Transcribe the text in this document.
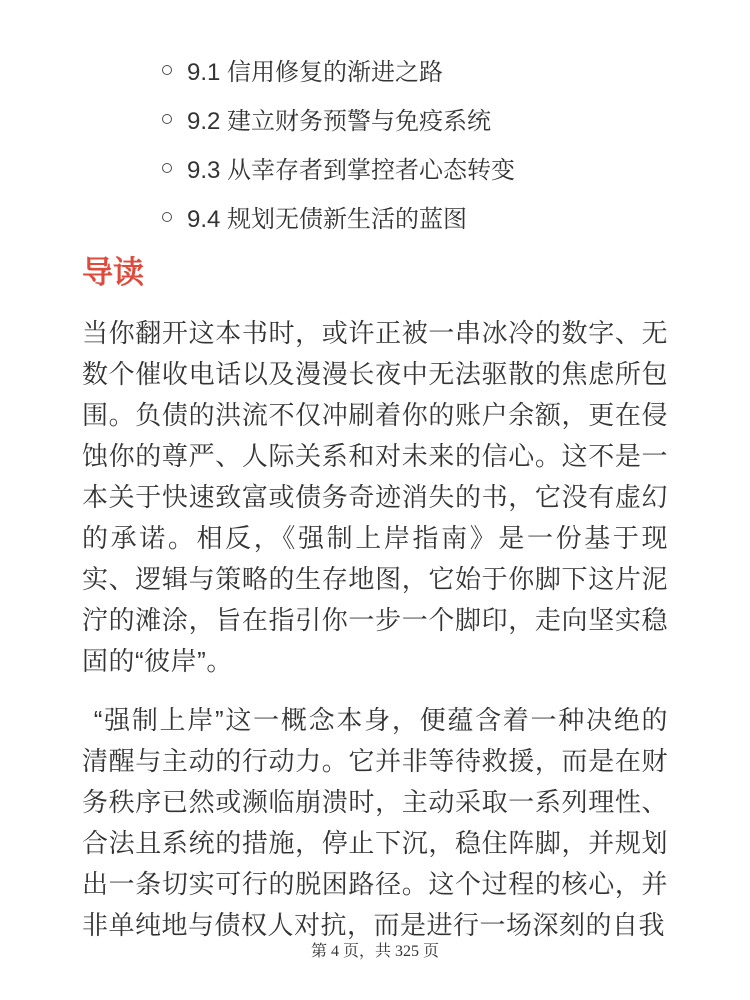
9.1 信用修复的渐进之路
9.2 建立财务预警与免疫系统
9.3 从幸存者到掌控者心态转变
9.4 规划无债新生活的蓝图
导读

当你翻开这本书时，或许正被一串冰冷的数字、无数个催收电话以及漫漫长夜中无法驱散的焦虑所包围。负债的洪流不仅冲刷着你的账户余额，更在侵蚀你的尊严、人际关系和对未来的信心。这不是一本关于快速致富或债务奇迹消失的书，它没有虚幻的承诺。相反，《强制上岸指南》是一份基于现实、逻辑与策略的生存地图，它始于你脚下这片泥泞的滩涂，旨在指引你一步一个脚印，走向坚实稳固的“彼岸”。

“强制上岸”这一概念本身，便蕴含着一种决绝的清醒与主动的行动力。它并非等待救援，而是在财务秩序已然或濒临崩溃时，主动采取一系列理性、合法且系统的措施，停止下沉，稳住阵脚，并规划出一条切实可行的脱困路径。这个过程的核心，并非单纯地与债权人对抗，而是进行一场深刻的自我

第 4 页，共 325 页
